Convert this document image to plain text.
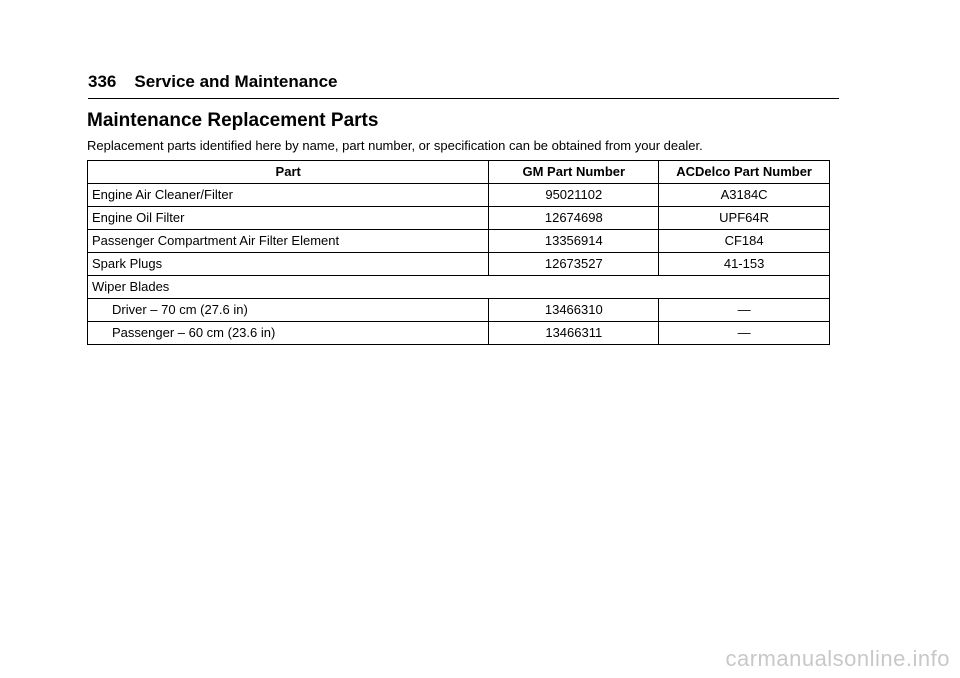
336 Service and Maintenance
Maintenance Replacement Parts
Replacement parts identified here by name, part number, or specification can be obtained from your dealer.
Part	GM Part Number	ACDelco Part Number
Engine Air Cleaner/Filter	95021102	A3184C
Engine Oil Filter	12674698	UPF64R
Passenger Compartment Air Filter Element	13356914	CF184
Spark Plugs	12673527	41-153
Wiper Blades		
Driver – 70 cm (27.6 in)	13466310	—
Passenger – 60 cm (23.6 in)	13466311	—
carmanualsonline.info
